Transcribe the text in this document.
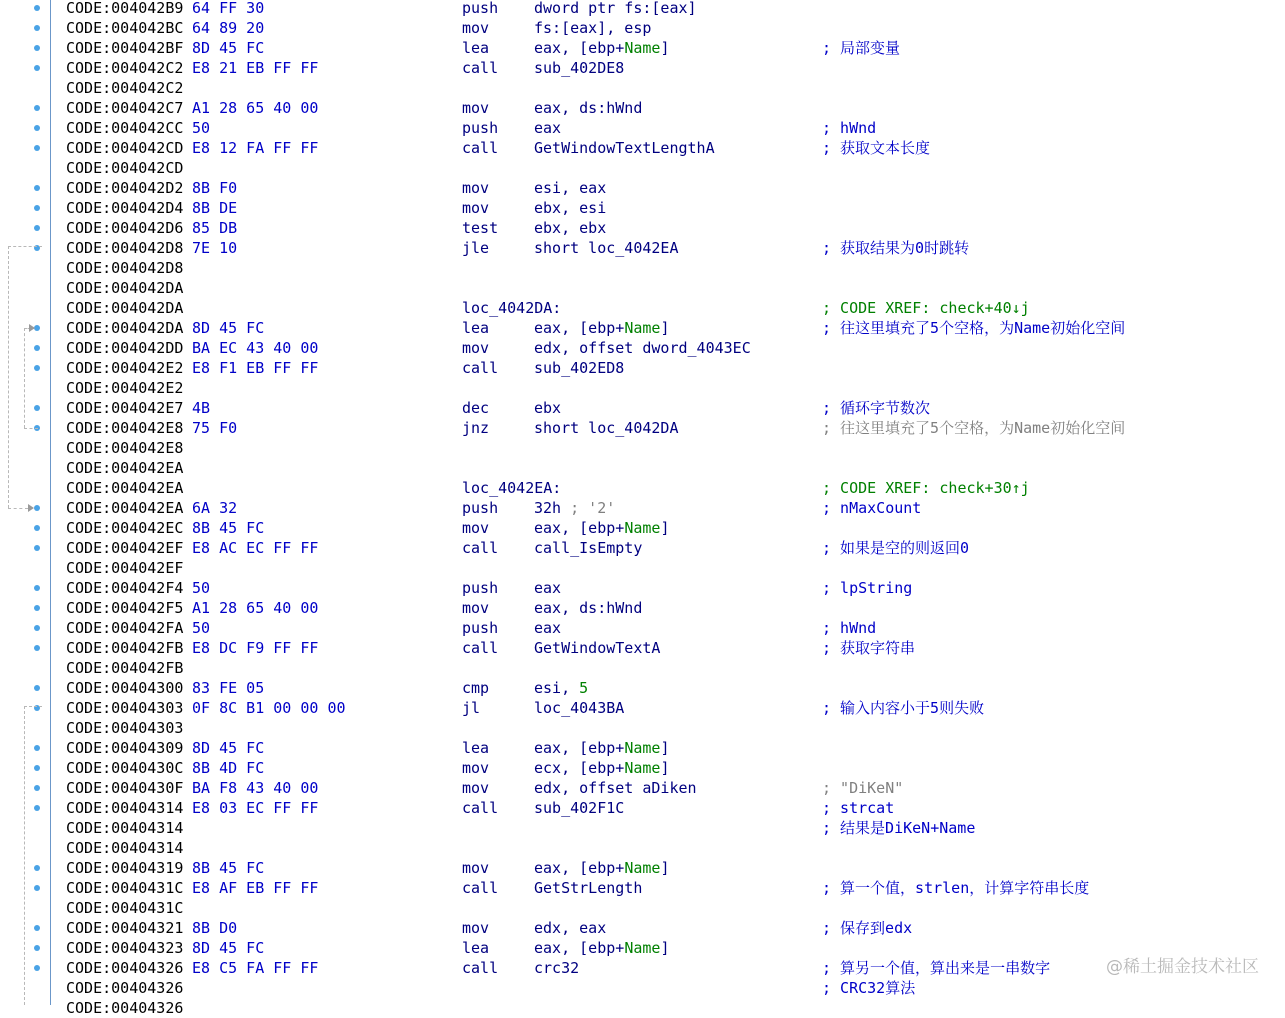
CODE:004042B9 64 FF 30	push dword ptr fs:[eax]
CODE:004042BC 64 89 20	mov	fs:[eax], esp
CODE:004042BF 8D 45 FC	lea	eax, [ebp+Name]	; 局部变量
CODE:004042C2 E8 21 EB FF FF	call sub_402DE8
CODE:004042C2
CODE:004042C7 A1 28 65 40 00	mov	eax, ds:hWnd
CODE:004042CC 50	push eax	; hWnd
CODE:004042CD E8 12 FA FF FF	call GetWindowTextLengthA	; 获取文本长度
CODE:004042CD
CODE:004042D2 8B F0	mov	esi, eax
CODE:004042D4 8B DE	mov	ebx, esi
CODE:004042D6 85 DB	test ebx, ebx
CODE:004042D8 7E 10	jle	short loc_4042EA	; 获取结果为0时跳转
CODE:004042D8
CODE:004042DA
CODE:004042DA	loc_4042DA:	; CODE XREF: check+40↓j
CODE:004042DA 8D 45 FC	lea	eax, [ebp+Name]	; 往这里填充了5个空格，为Name初始化空间
CODE:004042DD BA EC 43 40 00	mov	edx, offset dword_4043EC
CODE:004042E2 E8 F1 EB FF FF	call sub_402ED8
CODE:004042E2
CODE:004042E7 4B	dec	ebx	; 循环字节数次
CODE:004042E8 75 F0	jnz	short loc_4042DA	; 往这里填充了5个空格，为Name初始化空间
CODE:004042E8
CODE:004042EA
CODE:004042EA	loc_4042EA:	; CODE XREF: check+30↑j
CODE:004042EA 6A 32	push 32h ; '2'	; nMaxCount
CODE:004042EC 8B 45 FC	mov	eax, [ebp+Name]
CODE:004042EF E8 AC EC FF FF	call call_IsEmpty	; 如果是空的则返回0
CODE:004042EF
CODE:004042F4 50	push eax	; lpString
CODE:004042F5 A1 28 65 40 00	mov	eax, ds:hWnd
CODE:004042FA 50	push eax	; hWnd
CODE:004042FB E8 DC F9 FF FF	call GetWindowTextA	; 获取字符串
CODE:004042FB
CODE:00404300 83 FE 05	cmp	esi, 5
CODE:00404303 0F 8C B1 00 00 00	jl	loc_4043BA	; 输入内容小于5则失败
CODE:00404303
CODE:00404309 8D 45 FC	lea	eax, [ebp+Name]
CODE:0040430C 8B 4D FC	mov	ecx, [ebp+Name]
CODE:0040430F BA F8 43 40 00	mov	edx, offset aDiken	; "DiKeN"
CODE:00404314 E8 03 EC FF FF	call sub_402F1C	; strcat
CODE:00404314	; 结果是DiKeN+Name
CODE:00404314
CODE:00404319 8B 45 FC	mov	eax, [ebp+Name]
CODE:0040431C E8 AF EB FF FF	call GetStrLength	; 算一个值，strlen，计算字符串长度
CODE:0040431C
CODE:00404321 8B D0	mov	edx, eax	; 保存到edx
CODE:00404323 8D 45 FC	lea	eax, [ebp+Name]
CODE:00404326 E8 C5 FA FF FF	call crc32	; 算另一个值，算出来是一串数字
CODE:00404326	; CRC32算法
CODE:00404326
@稀土掘金技术社区
